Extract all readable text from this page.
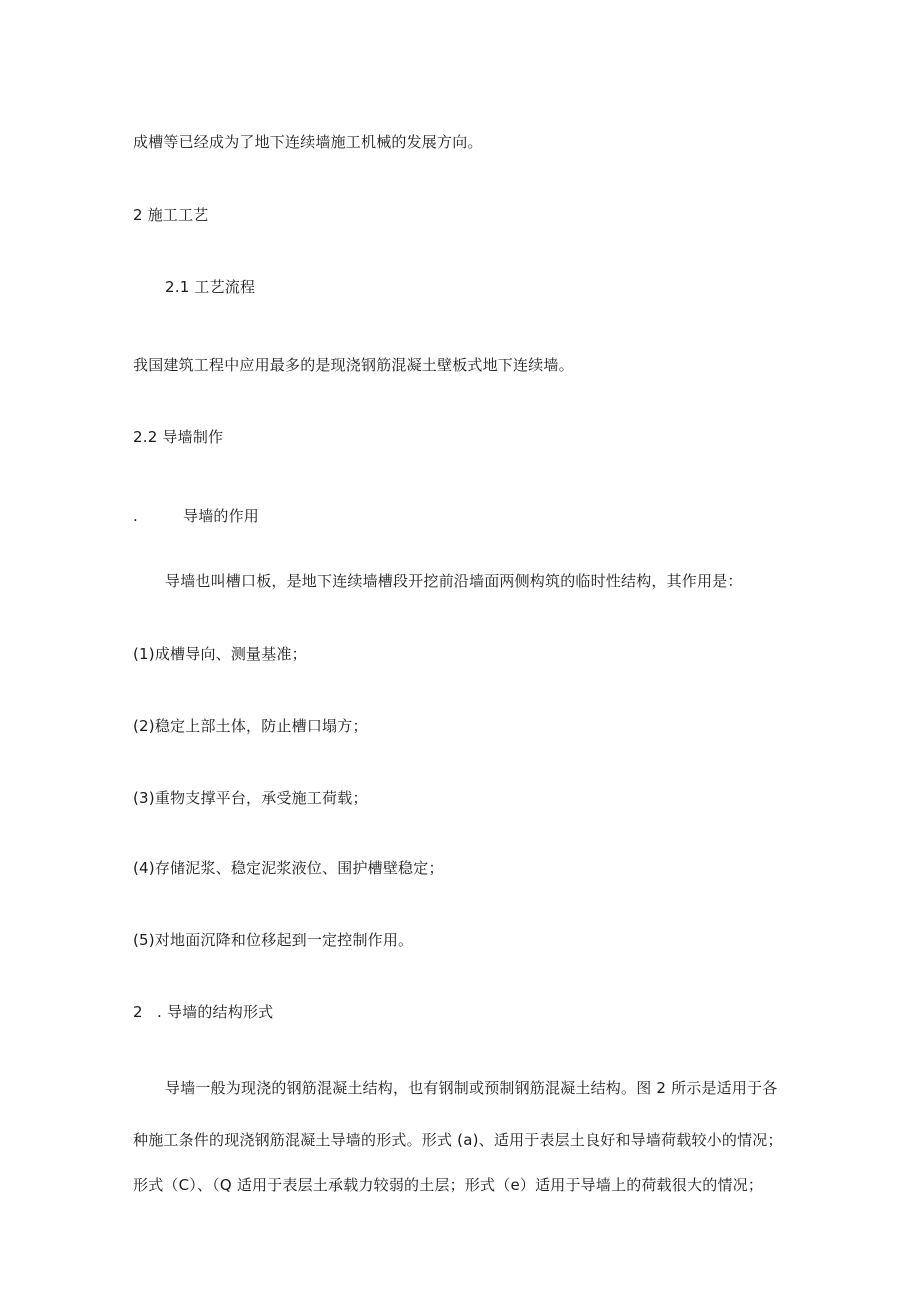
成槽等已经成为了地下连续墙施工机械的发展方向。
2 施工工艺
2.1 工艺流程
我国建筑工程中应用最多的是现浇钢筋混凝土壁板式地下连续墙。
2.2 导墙制作
.	导墙的作用
导墙也叫槽口板，是地下连续墙槽段开挖前沿墙面两侧构筑的临时性结构，其作用是：
(1)成槽导向、测量基准；
(2)稳定上部土体，防止槽口塌方；
(3)重物支撑平台，承受施工荷载；
(4)存储泥浆、稳定泥浆液位、围护槽壁稳定；
(5)对地面沉降和位移起到一定控制作用。
2 . 导墙的结构形式
导墙一般为现浇的钢筋混凝土结构，也有钢制或预制钢筋混凝土结构。图 2 所示是适用于各
种施工条件的现浇钢筋混凝土导墙的形式。形式 (a)、适用于表层土良好和导墙荷载较小的情况；
形式（C）、（Q 适用于表层土承载力较弱的土层；形式（e）适用于导墙上的荷载很大的情况；
